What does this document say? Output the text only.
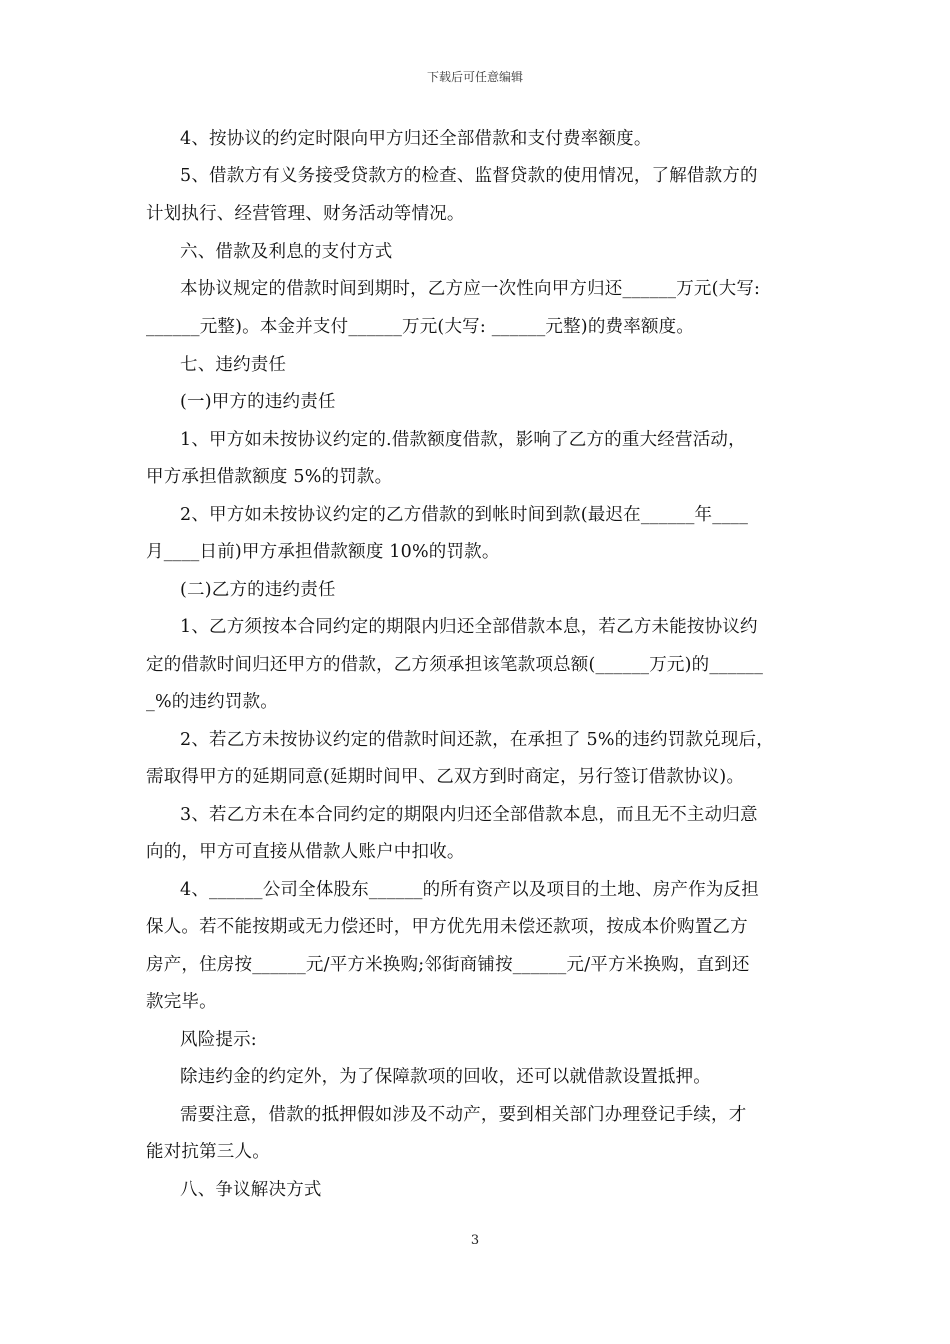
下载后可任意编辑
4、按协议的约定时限向甲方归还全部借款和支付费率额度。
5、借款方有义务接受贷款方的检查、监督贷款的使用情况，了解借款方的
计划执行、经营管理、财务活动等情况。
六、借款及利息的支付方式
本协议规定的借款时间到期时，乙方应一次性向甲方归还______万元(大写:
______元整)。本金并支付______万元(大写: ______元整)的费率额度。
七、违约责任
(一)甲方的违约责任
1、甲方如未按协议约定的.借款额度借款，影响了乙方的重大经营活动，
甲方承担借款额度 5%的罚款。
2、甲方如未按协议约定的乙方借款的到帐时间到款(最迟在______年____
月____日前)甲方承担借款额度 10%的罚款。
(二)乙方的违约责任
1、乙方须按本合同约定的期限内归还全部借款本息，若乙方未能按协议约
定的借款时间归还甲方的借款，乙方须承担该笔款项总额(______万元)的______
_%的违约罚款。
2、若乙方未按协议约定的借款时间还款，在承担了 5%的违约罚款兑现后，
需取得甲方的延期同意(延期时间甲、乙双方到时商定，另行签订借款协议)。
3、若乙方未在本合同约定的期限内归还全部借款本息，而且无不主动归意
向的，甲方可直接从借款人账户中扣收。
4、______公司全体股东______的所有资产以及项目的土地、房产作为反担
保人。若不能按期或无力偿还时，甲方优先用未偿还款项，按成本价购置乙方
房产，住房按______元/平方米换购;邻街商铺按______元/平方米换购，直到还
款完毕。
风险提示:
除违约金的约定外，为了保障款项的回收，还可以就借款设置抵押。
需要注意，借款的抵押假如涉及不动产，要到相关部门办理登记手续，才
能对抗第三人。
八、争议解决方式
3
